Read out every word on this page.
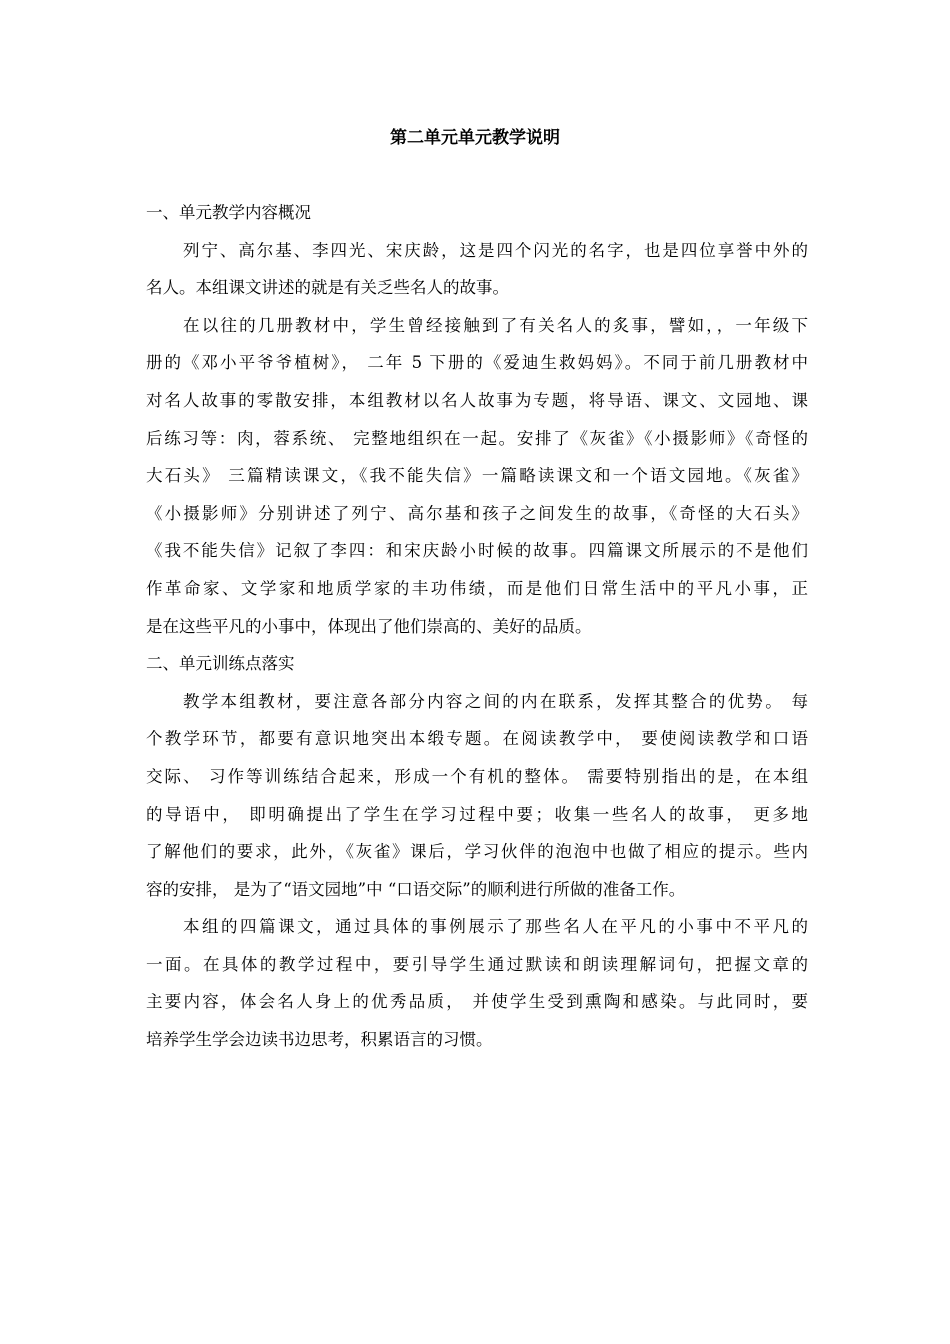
第二单元单元教学说明

一、单元教学内容概况

列宁、高尔基、李四光、宋庆龄，这是四个闪光的名字，也是四位享誉中外的
名人。本组课文讲述的就是有关乏些名人的故事。
在以往的几册教材中，学生曾经接触到了有关名人的炙事，譬如，，一年级下
册的《邓小平爷爷植树》， 二年 5 下册的《爱迪生救妈妈》。不同于前几册教材中
对名人故事的零散安排，本组教材以名人故事为专题，将导语、课文、文园地、课
后练习等：肉，蓉系统、 完整地组织在一起。安排了《灰雀》《小摄影师》《奇怪的
大石头》 三篇精读课文，《我不能失信》一篇略读课文和一个语文园地。《灰雀》
《小摄影师》分别讲述了列宁、高尔基和孩子之间发生的故事，《奇怪的大石头》
《我不能失信》记叙了李四：和宋庆龄小时候的故事。四篇课文所展示的不是他们
作革命家、文学家和地质学家的丰功伟绩，而是他们日常生活中的平凡小事，正
是在这些平凡的小事中，体现出了他们崇高的、美好的品质。

二、单元训练点落实

教学本组教材，要注意各部分内容之间的内在联系，发挥其整合的优势。 每
个教学环节，都要有意识地突出本缎专题。在阅读教学中， 要使阅读教学和口语
交际、 习作等训练结合起来，形成一个有机的整体。 需要特别指出的是，在本组
的导语中， 即明确提出了学生在学习过程中要；收集一些名人的故事， 更多地
了解他们的要求，此外，《灰雀》课后，学习伙伴的泡泡中也做了相应的提示。些内
容的安排， 是为了“语文园地”中 “口语交际”的顺利进行所做的准备工作。
本组的四篇课文，通过具体的事例展示了那些名人在平凡的小事中不平凡的
一面。在具体的教学过程中，要引导学生通过默读和朗读理解词句，把握文章的
主要内容，体会名人身上的优秀品质， 并使学生受到熏陶和感染。与此同时，要
培养学生学会边读书边思考，积累语言的习惯。
